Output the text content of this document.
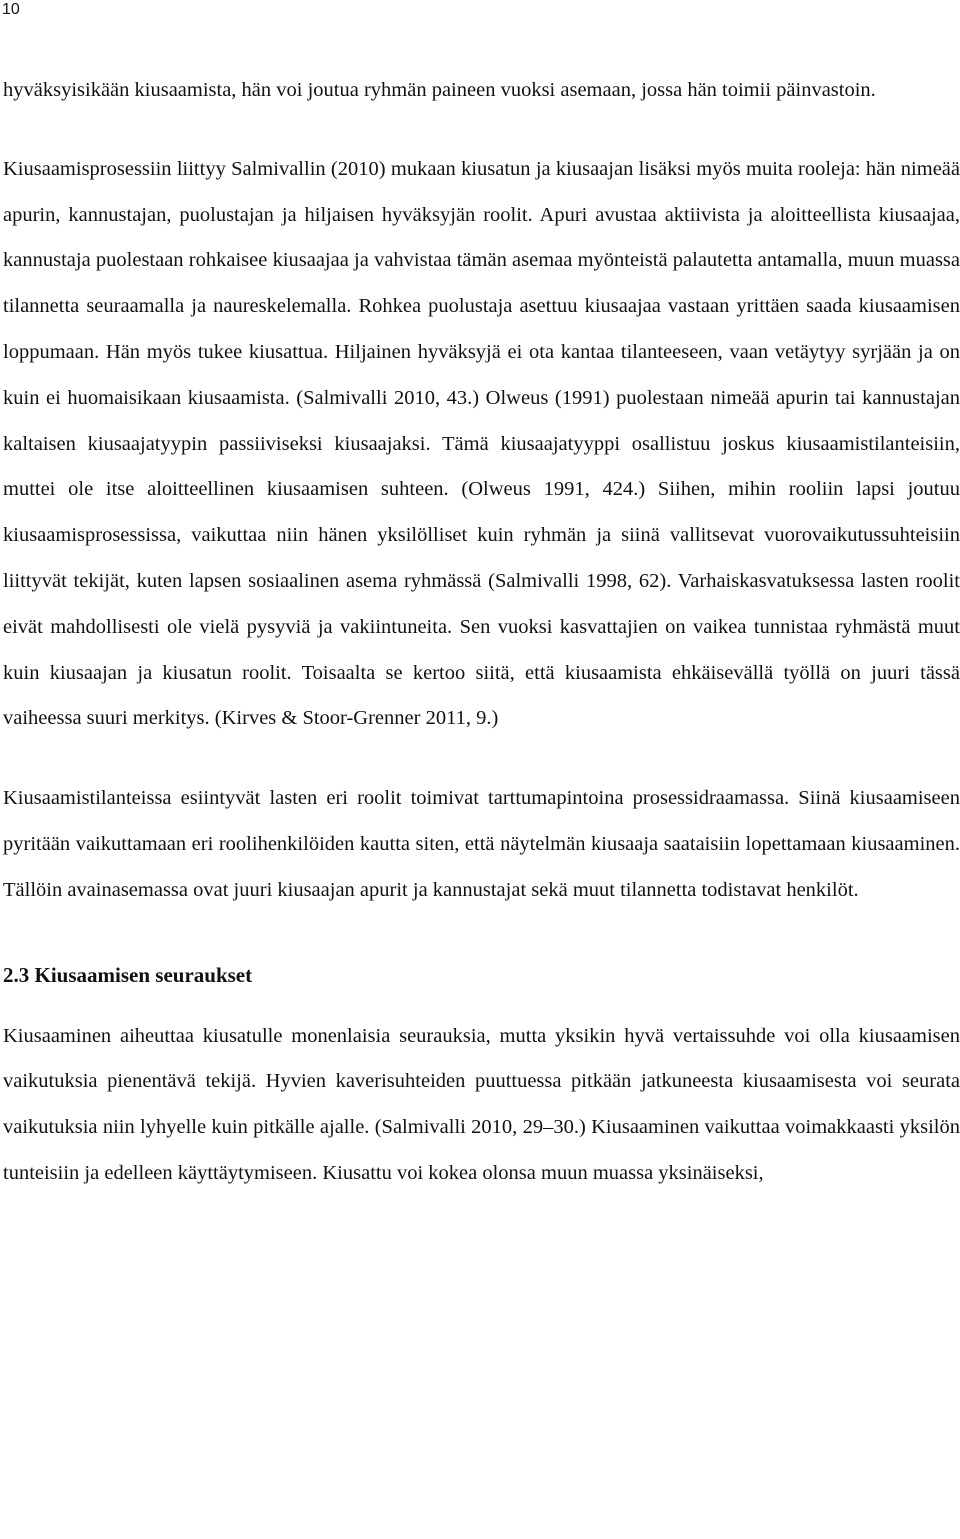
10

hyväksyisikään kiusaamista, hän voi joutua ryhmän paineen vuoksi asemaan, jossa hän toimii päinvastoin.

Kiusaamisprosessiin liittyy Salmivallin (2010) mukaan kiusatun ja kiusaajan lisäksi myös muita rooleja: hän nimeää apurin, kannustajan, puolustajan ja hiljaisen hyväksyjän roolit. Apuri avustaa aktiivista ja aloitteellista kiusaajaa, kannustaja puolestaan rohkaisee kiusaajaa ja vahvistaa tämän asemaa myönteistä palautetta antamalla, muun muassa tilannetta seuraamalla ja naureskelemalla. Rohkea puolustaja asettuu kiusaajaa vastaan yrittäen saada kiusaamisen loppumaan. Hän myös tukee kiusattua. Hiljainen hyväksyjä ei ota kantaa tilanteeseen, vaan vetäytyy syrjään ja on kuin ei huomaisikaan kiusaamista. (Salmivalli 2010, 43.) Olweus (1991) puolestaan nimeää apurin tai kannustajan kaltaisen kiusaajatyypin passiiviseksi kiusaajaksi. Tämä kiusaajatyyppi osallistuu joskus kiusaamistilanteisiin, muttei ole itse aloitteellinen kiusaamisen suhteen. (Olweus 1991, 424.) Siihen, mihin rooliin lapsi joutuu kiusaamisprosessissa, vaikuttaa niin hänen yksilölliset kuin ryhmän ja siinä vallitsevat vuorovaikutussuhteisiin liittyvät tekijät, kuten lapsen sosiaalinen asema ryhmässä (Salmivalli 1998, 62). Varhaiskasvatuksessa lasten roolit eivät mahdollisesti ole vielä pysyviä ja vakiintuneita. Sen vuoksi kasvattajien on vaikea tunnistaa ryhmästä muut kuin kiusaajan ja kiusatun roolit. Toisaalta se kertoo siitä, että kiusaamista ehkäisevällä työllä on juuri tässä vaiheessa suuri merkitys. (Kirves & Stoor-Grenner 2011, 9.)

Kiusaamistilanteissa esiintyvät lasten eri roolit toimivat tarttumapintoina prosessidraamassa. Siinä kiusaamiseen pyritään vaikuttamaan eri roolihenkilöiden kautta siten, että näytelmän kiusaaja saataisiin lopettamaan kiusaaminen. Tällöin avainasemassa ovat juuri kiusaajan apurit ja kannustajat sekä muut tilannetta todistavat henkilöt.

2.3 Kiusaamisen seuraukset

Kiusaaminen aiheuttaa kiusatulle monenlaisia seurauksia, mutta yksikin hyvä vertaissuhde voi olla kiusaamisen vaikutuksia pienentävä tekijä. Hyvien kaverisuhteiden puuttuessa pitkään jatkuneesta kiusaamisesta voi seurata vaikutuksia niin lyhyelle kuin pitkälle ajalle. (Salmivalli 2010, 29–30.) Kiusaaminen vaikuttaa voimakkaasti yksilön tunteisiin ja edelleen käyttäytymiseen. Kiusattu voi kokea olonsa muun muassa yksinäiseksi,
